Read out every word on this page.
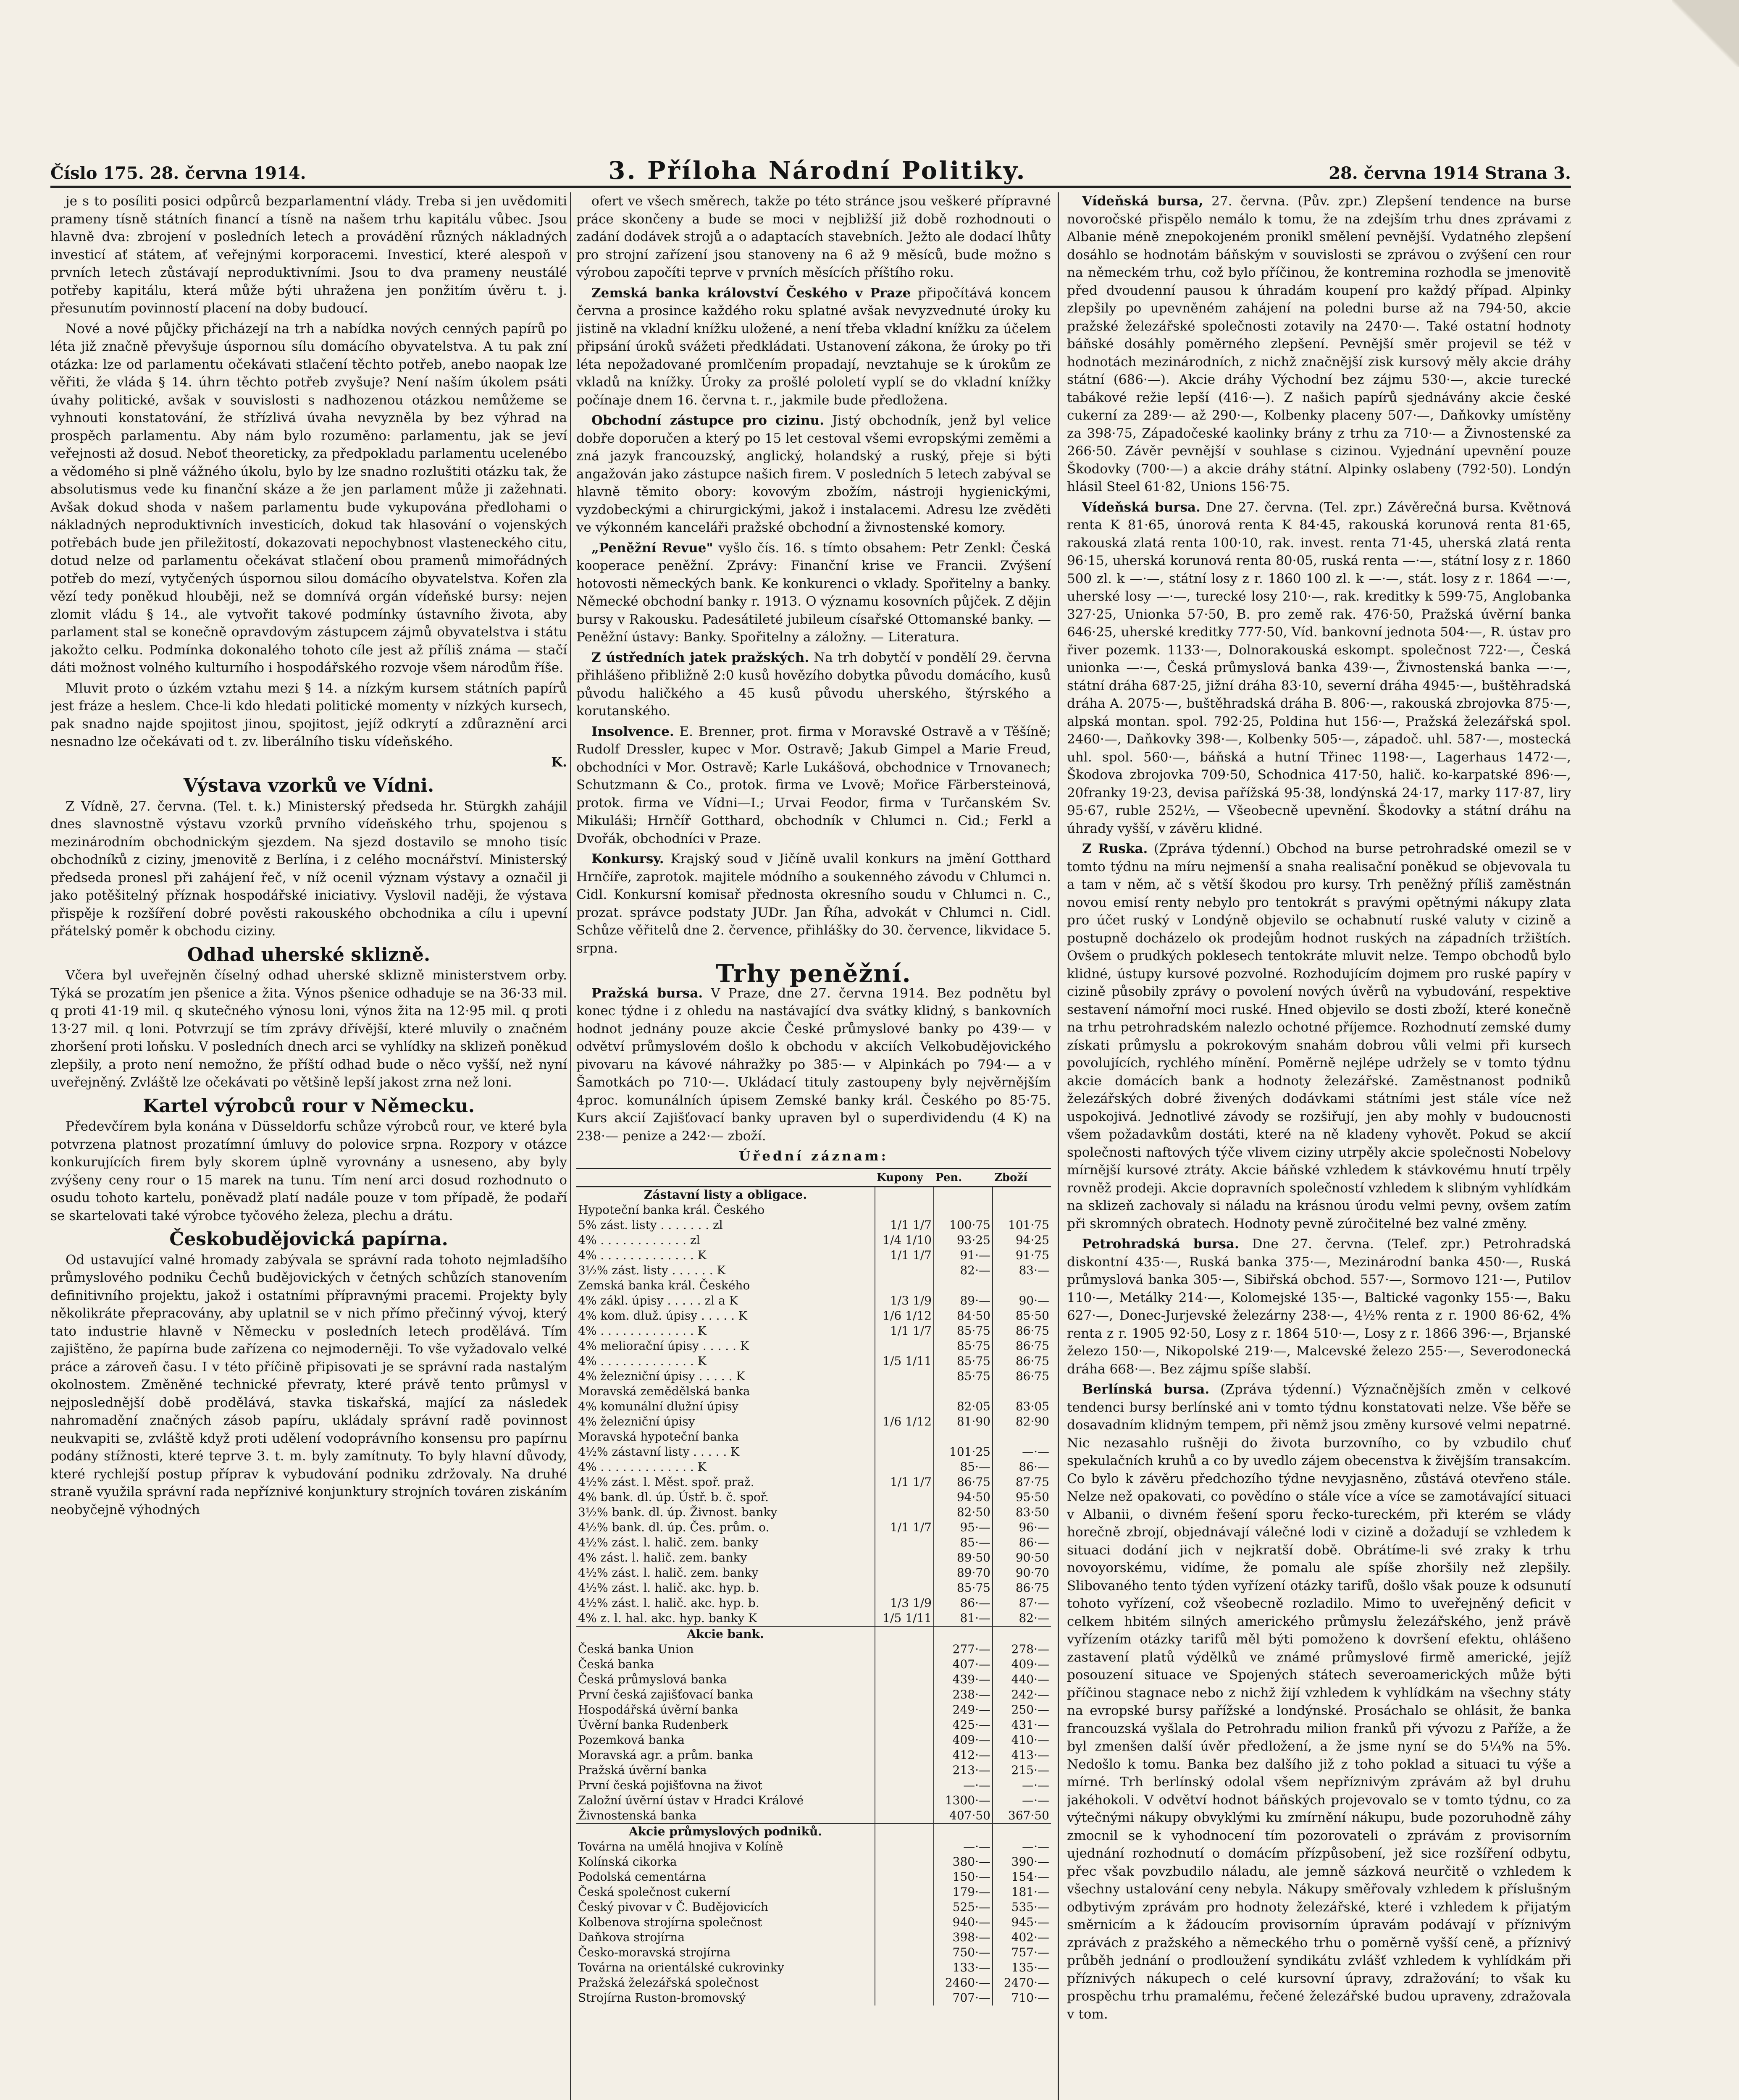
Číslo 175. 28. června 1914.	3. Příloha Národní Politiky.	28. června 1914 Strana 3.

je s to posíliti posici odpůrců bezparlamentní vlády. Treba si jen uvědomiti prameny tísně státních financí a tísně na našem trhu kapitálu vůbec. Jsou hlavně dva: zbrojení v posledních letech a provádění různých nákladných investicí ať státem, ať veřejnými korporacemi. Investicí, které alespoň v prvních letech zůstávají neproduktivními. Jsou to dva prameny neustálé potřeby kapitálu, která může býti uhražena jen ponžitím úvěru t. j. přesunutím povinností placení na doby budoucí.

Nové a nové půjčky přicházejí na trh a nabídka nových cenných papírů po léta již značně převyšuje úspornou sílu domácího obyvatelstva. A tu pak zní otázka: lze od parlamentu očekávati stlačení těchto potřeb, anebo naopak lze věřiti, že vláda § 14. úhrn těchto potřeb zvyšuje? Není naším úkolem psáti úvahy politické, avšak v souvislosti s nadhozenou otázkou nemůžeme se vyhnouti konstatování, že střízlivá úvaha nevyzněla by bez výhrad na prospěch parlamentu. Aby nám bylo rozuměno: parlamentu, jak se jeví veřejnosti až dosud. Neboť theoreticky, za předpokladu parlamentu ucelenébo a vědomého si plně vážného úkolu, bylo by lze snadno rozluštiti otázku tak, že absolutismus vede ku finanční skáze a že jen parlament může ji zažehnati. Avšak dokud shoda v našem parlamentu bude vykupována předlohami o nákladných neproduktivních investicích, dokud tak hlasování o vojenských potřebách bude jen přiležitostí, dokazovati nepochybnost vlasteneckého citu, dotud nelze od parlamentu očekávat stlačení obou pramenů mimořádných potřeb do mezí, vytyčených úspornou silou domácího obyvatelstva. Kořen zla vězí tedy poněkud hlouběji, než se domnívá orgán vídeňské bursy: nejen zlomit vládu § 14., ale vytvořit takové podmínky ústavního života, aby parlament stal se konečně opravdovým zástupcem zájmů obyvatelstva i státu jakožto celku. Podmínka dokonalého tohoto cíle jest až příliš známa — stačí dáti možnost volného kulturního i hospodářského rozvoje všem národům říše.

Mluvit proto o úzkém vztahu mezi § 14. a nízkým kursem státních papírů jest fráze a heslem. Chce-li kdo hledati politické momenty v nízkých kursech, pak snadno najde spojitost jinou, spojitost, jejíž odkrytí a zdůraznění arci nesnadno lze očekávati od t. zv. liberálního tisku vídeňského.

K.

Výstava vzorků ve Vídni.

Z Vídně, 27. června. (Tel. t. k.) Ministerský předseda hr. Stürgkh zahájil dnes slavnostně výstavu vzorků prvního vídeňského trhu, spojenou s mezinárodním obchodnickým sjezdem. Na sjezd dostavilo se mnoho tisíc obchodníků z ciziny, jmenovitě z Berlína, i z celého mocnářství. Ministerský předseda pronesl při zahájení řeč, v níž ocenil význam výstavy a označil ji jako potěšitelný příznak hospodářské iniciativy. Vyslovil naději, že výstava přispěje k rozšíření dobré pověsti rakouského obchodnika a cílu i upevní přátelský poměr k obchodu ciziny.

Odhad uherské sklizně.

Včera byl uveřejněn číselný odhad uherské sklizně ministerstvem orby. Týká se prozatím jen pšenice a žita. Výnos pšenice odhaduje se na 36·33 mil. q proti 41·19 mil. q skutečného výnosu loni, výnos žita na 12·95 mil. q proti 13·27 mil. q loni. Potvrzují se tím zprávy dřívější, které mluvily o značném zhoršení proti loňsku. V posledních dnech arci se vyhlídky na sklizeň poněkud zlepšily, a proto není nemožno, že příští odhad bude o něco vyšší, než nyní uveřejněný. Zvláště lze očekávati po většině lepší jakost zrna než loni.

Kartel výrobců rour v Německu.

Předevčírem byla konána v Düsseldorfu schůze výrobců rour, ve které byla potvrzena platnost prozatímní úmluvy do polovice srpna. Rozpory v otázce konkurujících firem byly skorem úplně vyrovnány a usneseno, aby byly zvýšeny ceny rour o 15 marek na tunu. Tím není arci dosud rozhodnuto o osudu tohoto kartelu, poněvadž platí nadále pouze v tom případě, že podaří se skartelovati také výrobce tyčového železa, plechu a drátu.

Českobudějovická papírna.

Od ustavující valné hromady zabývala se správní rada tohoto nejmladšího průmyslového podniku Čechů budějovických v četných schůzích stanovením definitivního projektu, jakož i ostatními přípravnými pracemi. Projekty byly několikráte přepracovány, aby uplatnil se v nich přímo přečinný vývoj, který tato industrie hlavně v Německu v posledních letech prodělává. Tím zajištěno, že papírna bude zařízena co nejmoderněji. To vše vyžadovalo velké práce a zároveň času. I v této příčině připisovati je se správní rada nastalým okolnostem. Změněné technické převraty, které právě tento průmysl v nejposlednější době prodělává, stavka tiskařská, mající za následek nahromadění značných zásob papíru, ukládaly správní radě povinnost neukvapiti se, zvláště když proti udělení vodoprávního konsensu pro papírnu podány stížnosti, které teprve 3. t. m. byly zamítnuty. To byly hlavní důvody, které rychlejší postup příprav k vybudování podniku zdržovaly. Na druhé straně využila správní rada nepříznivé konjunktury strojních továren ziskáním neobyčejně výhodných

ofert ve všech směrech, takže po této stránce jsou veškeré přípravné práce skončeny a bude se moci v nejbližší již době rozhodnouti o zadání dodávek strojů a o adaptacích stavebních. Ježto ale dodací lhůty pro strojní zařízení jsou stanoveny na 6 až 9 měsíců, bude možno s výrobou započíti teprve v prvních měsících příštího roku.

Zemská banka království Českého v Praze připočítává koncem června a prosince každého roku splatné avšak nevyzvednuté úroky ku jistině na vkladní knížku uložené, a není třeba vkladní knížku za účelem připsání úroků svážeti předkládati. Ustanovení zákona, že úroky po tři léta nepožadované promlčením propadají, nevztahuje se k úrokům ze vkladů na knížky. Úroky za prošlé pololetí vyplí se do vkladní knížky počínaje dnem 16. června t. r., jakmile bude předložena.

Obchodní zástupce pro cizinu. Jistý obchodník, jenž byl velice dobře doporučen a který po 15 let cestoval všemi evropskými zeměmi a zná jazyk francouzský, anglický, holandský a ruský, přeje si býti angažován jako zástupce našich firem. V posledních 5 letech zabýval se hlavně těmito obory: kovovým zbožím, nástroji hygienickými, vyzdobeckými a chirurgickými, jakož i instalacemi. Adresu lze zvěděti ve výkonném kanceláři pražské obchodní a živnostenské komory.

„Peněžní Revue" vyšlo čís. 16. s tímto obsahem: Petr Zenkl: Česká kooperace peněžní. Zprávy: Finanční krise ve Francii. Zvýšení hotovosti německých bank. Ke konkurenci o vklady. Spořitelny a banky. Německé obchodní banky r. 1913. O významu kosovních půjček. Z dějin bursy v Rakousku. Padesátileté jubileum císařské Ottomanské banky. — Peněžní ústavy: Banky. Spořitelny a záložny. — Literatura.

Z ústředních jatek pražských. Na trh dobytčí v pondělí 29. června přihlášeno přibližně 2:0 kusů hovězího dobytka původu domácího, kusů původu haličkého a 45 kusů původu uherského, štýrského a korutanského.

Insolvence. E. Brenner, prot. firma v Moravské Ostravě a v Těšíně; Rudolf Dressler, kupec v Mor. Ostravě; Jakub Gimpel a Marie Freud, obchodníci v Mor. Ostravě; Karle Lukášová, obchodnice v Trnovanech; Schutzmann & Co., protok. firma ve Lvově; Mořice Färbersteinová, protok. firma ve Vídni—I.; Urvai Feodor, firma v Turčanském Sv. Mikuláši; Hrnčíř Gotthard, obchodník v Chlumci n. Cid.; Ferkl a Dvořák, obchodníci v Praze.

Konkursy. Krajský soud v Jičíně uvalil konkurs na jmění Gotthard Hrnčíře, zaprotok. majitele módního a soukenného závodu v Chlumci n. Cidl. Konkursní komisař přednosta okresního soudu v Chlumci n. C., prozat. správce podstaty JUDr. Jan Říha, advokát v Chlumci n. Cidl. Schůze věřitelů dne 2. července, přihlášky do 30. července, likvidace 5. srpna.

Trhy peněžní.

Pražská bursa. V Praze, dne 27. června 1914. Bez podnětu byl konec týdne i z ohledu na nastávající dva svátky klidný, s bankovních hodnot jednány pouze akcie České průmyslové banky po 439·— v odvětví průmyslovém došlo k obchodu v akciích Velkobudějovického pivovaru na kávové náhražky po 385·— v Alpinkách po 794·— a v Šamotkách po 710·—. Ukládací tituly zastoupeny byly nejvěrnějším 4proc. komunálních úpisem Zemské banky král. Českého po 85·75. Kurs akcií Zajišťovací banky upraven byl o superdividendu (4 K) na 238·— penize a 242·— zboží.

Úřední záznam:

	Kupony	Pen.	Zboží
Zástavní listy a obligace.			
Hypoteční banka král. Českého			
5% zást. listy . . . . . . . zl	1/1 1/7	100·75	101·75
4% . . . . . . . . . . . . zl	1/4 1/10	93·25	94·25
4% . . . . . . . . . . . . . K	1/1 1/7	91·—	91·75
3½% zást. listy . . . . . . K		82·—	83·—
Zemská banka král. Českého			
4% zákl. úpisy . . . . . zl a K	1/3 1/9	89·—	90·—
4% kom. dluž. úpisy . . . . . K	1/6 1/12	84·50	85·50
4% . . . . . . . . . . . . . K	1/1 1/7	85·75	86·75
4% meliorační úpisy . . . . . K		85·75	86·75
4% . . . . . . . . . . . . . K	1/5 1/11	85·75	86·75
4% železniční úpisy . . . . . K		85·75	86·75
Moravská zemědělská banka			
4% komunální dlužní úpisy		82·05	83·05
4% železniční úpisy	1/6 1/12	81·90	82·90
Moravská hypoteční banka			
4½% zástavní listy . . . . . K		101·25	—·—
4% . . . . . . . . . . . . . K		85·—	86·—
4½% zást. l. Měst. spoř. praž.	1/1 1/7	86·75	87·75
4% bank. dl. úp. Ústř. b. č. spoř.		94·50	95·50
3½% bank. dl. úp. Živnost. banky		82·50	83·50
4½% bank. dl. úp. Čes. prům. o.	1/1 1/7	95·—	96·—
4½% zást. l. halič. zem. banky		85·—	86·—
4% zást. l. halič. zem. banky		89·50	90·50
4½% zást. l. halič. zem. banky		89·70	90·70
4½% zást. l. halič. akc. hyp. b.		85·75	86·75
4½% zást. l. halič. akc. hyp. b.	1/3 1/9	86·—	87·—
4% z. l. hal. akc. hyp. banky K	1/5 1/11	81·—	82·—
Akcie bank.			
Česká banka Union		277·—	278·—
Česká banka		407·—	409·—
Česká průmyslová banka		439·—	440·—
První česká zajišťovací banka		238·—	242·—
Hospodářská úvěrní banka		249·—	250·—
Úvěrní banka Rudenberk		425·—	431·—
Pozemková banka		409·—	410·—
Moravská agr. a prům. banka		412·—	413·—
Pražská úvěrní banka		213·—	215·—
První česká pojišťovna na život		—·—	—·—
Založní úvěrní ústav v Hradci Králové		1300·—	—·—
Živnostenská banka		407·50	367·50
Akcie průmyslových podniků.			
Továrna na umělá hnojiva v Kolíně		—·—	—·—
Kolínská cikorka		380·—	390·—
Podolská cementárna		150·—	154·—
Česká společnost cukerní		179·—	181·—
Český pivovar v Č. Budějovicích		525·—	535·—
Kolbenova strojírna společnost		940·—	945·—
Daňkova strojírna		398·—	402·—
Česko-moravská strojírna		750·—	757·—
Továrna na orientálské cukrovinky		133·—	135·—
Pražská železářská společnost		2460·—	2470·—
Strojírna Ruston-bromovský		707·—	710·—

Vídeňská bursa, 27. června. (Pův. zpr.) Zlepšení tendence na burse novoročské přispělo nemálo k tomu, že na zdejším trhu dnes zprávami z Albanie méně znepokojeném pronikl smělení pevnější. Vydatného zlepšení dosáhlo se hodnotám báňským v souvislosti se zprávou o zvýšení cen rour na německém trhu, což bylo příčinou, že kontremina rozhodla se jmenovitě před dvoudenní pausou k úhradám koupení pro každý případ. Alpinky zlepšily po upevněném zahájení na poledni burse až na 794·50, akcie pražské železářské společnosti zotavily na 2470·—. Také ostatní hodnoty báňské dosáhly poměrného zlepšení. Pevnější směr projevil se též v hodnotách mezinárodních, z nichž značnější zisk kursový měly akcie dráhy státní (686·—). Akcie dráhy Východní bez zájmu 530·—, akcie turecké tabákové režie lepší (416·—). Z našich papírů sjednávány akcie české cukerní za 289·— až 290·—, Kolbenky placeny 507·—, Daňkovky umístěny za 398·75, Západočeské kaolinky brány z trhu za 710·— a Živnostenské za 266·50. Závěr pevnější v souhlase s cizinou. Vyjednání upevnění pouze Škodovky (700·—) a akcie dráhy státní. Alpinky oslabeny (792·50). Londýn hlásil Steel 61·82, Unions 156·75.

Vídeňská bursa. Dne 27. června. (Tel. zpr.) Závěrečná bursa. Květnová renta K 81·65, únorová renta K 84·45, rakouská korunová renta 81·65, rakouská zlatá renta 100·10, rak. invest. renta 71·45, uherská zlatá renta 96·15, uherská korunová renta 80·05, ruská renta —·—, státní losy z r. 1860 500 zl. k —·—, státní losy z r. 1860 100 zl. k —·—, stát. losy z r. 1864 —·—, uherské losy —·—, turecké losy 210·—, rak. kreditky k 599·75, Anglobanka 327·25, Unionka 57·50, B. pro země rak. 476·50, Pražská úvěrní banka 646·25, uherské kreditky 777·50, Víd. bankovní jednota 504·—, R. ústav pro řiver pozemk. 1133·—, Dolnorakouská eskompt. společnost 722·—, Česká unionka —·—, Česká průmyslová banka 439·—, Živnostenská banka —·—, státní dráha 687·25, jižní dráha 83·10, severní dráha 4945·—, buštěhradská dráha A. 2075·—, buštěhradská dráha B. 806·—, rakouská zbrojovka 875·—, alpská montan. spol. 792·25, Poldina hut 156·—, Pražská železářská spol. 2460·—, Daňkovky 398·—, Kolbenky 505·—, západoč. uhl. 587·—, mostecká uhl. spol. 560·—, báňská a hutní Třinec 1198·—, Lagerhaus 1472·—, Škodova zbrojovka 709·50, Schodnica 417·50, halič. ko-karpatské 896·—, 20franky 19·23, devisa pařížská 95·38, londýnská 24·17, marky 117·87, liry 95·67, ruble 252½, — Všeobecně upevnění. Škodovky a státní dráhu na úhrady vyšší, v závěru klidné.

Z Ruska. (Zpráva týdenní.) Obchod na burse petrohradské omezil se v tomto týdnu na míru nejmenší a snaha realisační poněkud se objevovala tu a tam v něm, ač s větší škodou pro kursy. Trh peněžný příliš zaměstnán novou emisí renty nebylo pro tentokrát s pravými opětnými nákupy zlata pro účet ruský v Londýně objevilo se ochabnutí ruské valuty v cizině a postupně docházelo ok prodejům hodnot ruských na západních tržištích. Ovšem o prudkých poklesech tentokráte mluvit nelze. Tempo obchodů bylo klidné, ústupy kursové pozvolné. Rozhodujícím dojmem pro ruské papíry v cizině působily zprávy o povolení nových úvěrů na vybudování, respektive sestavení námořní moci ruské. Hned objevilo se dosti zboží, které konečně na trhu petrohradském nalezlo ochotné příjemce. Rozhodnutí zemské dumy získati průmyslu a pokrokovým snahám dobrou vůli velmi při kursech povolujících, rychlého mínění. Poměrně nejlépe udržely se v tomto týdnu akcie domácích bank a hodnoty železářské. Zaměstnanost podniků železářských dobré živených dodávkami státními jest stále více než uspokojivá. Jednotlivé závody se rozšiřují, jen aby mohly v budoucnosti všem požadavkům dostáti, které na ně kladeny vyhovět. Pokud se akcií společnosti naftových týče vlivem ciziny utrpěly akcie společnosti Nobelovy mírnější kursové ztráty. Akcie báňské vzhledem k stávkovému hnutí trpěly rovněž prodeji. Akcie dopravních společností vzhledem k slibným vyhlídkám na sklizeň zachovaly si náladu na krásnou úrodu velmi pevny, ovšem zatím při skromných obratech. Hodnoty pevně zúročitelné bez valné změny.

Petrohradská bursa. Dne 27. června. (Telef. zpr.) Petrohradská diskontní 435·—, Ruská banka 375·—, Mezinárodní banka 450·—, Ruská průmyslová banka 305·—, Sibiřská obchod. 557·—, Sormovo 121·—, Putilov 110·—, Metálky 214·—, Kolomejské 135·—, Baltické vagonky 155·—, Baku 627·—, Donec-Jurjevské železárny 238·—, 4½% renta z r. 1900 86·62, 4% renta z r. 1905 92·50, Losy z r. 1864 510·—, Losy z r. 1866 396·—, Brjanské železo 150·—, Nikopolské 219·—, Malcevské železo 255·—, Severodonecká dráha 668·—. Bez zájmu spíše slabší.

Berlínská bursa. (Zpráva týdenní.) Význačnějších změn v celkové tendenci bursy berlínské ani v tomto týdnu konstatovati nelze. Vše běře se dosavadním klidným tempem, při němž jsou změny kursové velmi nepatrné. Nic nezasahlo rušněji do života burzovního, co by vzbudilo chuť spekulačních kruhů a co by uvedlo zájem obecenstva k živějším transakcím. Co bylo k závěru předchozího týdne nevyjasněno, zůstává otevřeno stále. Nelze než opakovati, co povědíno o stále více a více se zamotávající situaci v Albanii, o divném řešení sporu řecko-tureckém, při kterém se vlády horečně zbrojí, objednávají válečné lodi v cizině a dožadují se vzhledem k situaci dodání jich v nejkratší době. Obrátíme-li své zraky k trhu novoyorskému, vidíme, že pomalu ale spíše zhoršily než zlepšily. Slibovaného tento týden vyřízení otázky tarifů, došlo však pouze k odsunutí tohoto vyřízení, což všeobecně rozladilo. Mimo to uveřejněný deficit v celkem hbitém silných amerického průmyslu železářského, jenž právě vyřízením otázky tarifů měl býti pomoženo k dovršení efektu, ohlášeno zastavení platů výdělků ve známé průmyslové firmě americké, jejíž posouzení situace ve Spojených státech severoamerických může býti příčinou stagnace nebo z nichž žijí vzhledem k vyhlídkám na všechny státy na evropské bursy pařížské a londýnské. Prosáchalo se ohlásit, že banka francouzská vyšlala do Petrohradu milion franků při vývozu z Paříže, a že byl zmenšen další úvěr předložení, a že jsme nyní se do 5¼% na 5%. Nedošlo k tomu. Banka bez dalšího již z toho poklad a situaci tu výše a mírné. Trh berlínský odolal všem nepříznivým zprávám až byl druhu jakéhokoli. V odvětví hodnot báňských projevovalo se v tomto týdnu, co za výtečnými nákupy obvyklými ku zmírnění nákupu, bude pozoruhodně záhy zmocnil se k vyhodnocení tím pozorovateli o zprávám z provisorním ujednání rozhodnutí o domácím přízpůsobení, jež sice rozšíření odbytu, přec však povzbudilo náladu, ale jemně sázková neurčitě o vzhledem k všechny ustalování ceny nebyla. Nákupy směřovaly vzhledem k příslušným odbytivým zprávám pro hodnoty železářské, které i vzhledem k přijatým směrnicím a k žádoucím provisorním úpravám podávají v příznivým zprávách z pražského a německého trhu o poměrně vyšší ceně, a příznivý průběh jednání o prodloužení syndikátu zvlášť vzhledem k vyhlídkám při příznivých nákupech o celé kursovní úpravy, zdražování; to však ku prospěchu trhu pramalému, řečené železářské budou upraveny, zdražovala v tom.
